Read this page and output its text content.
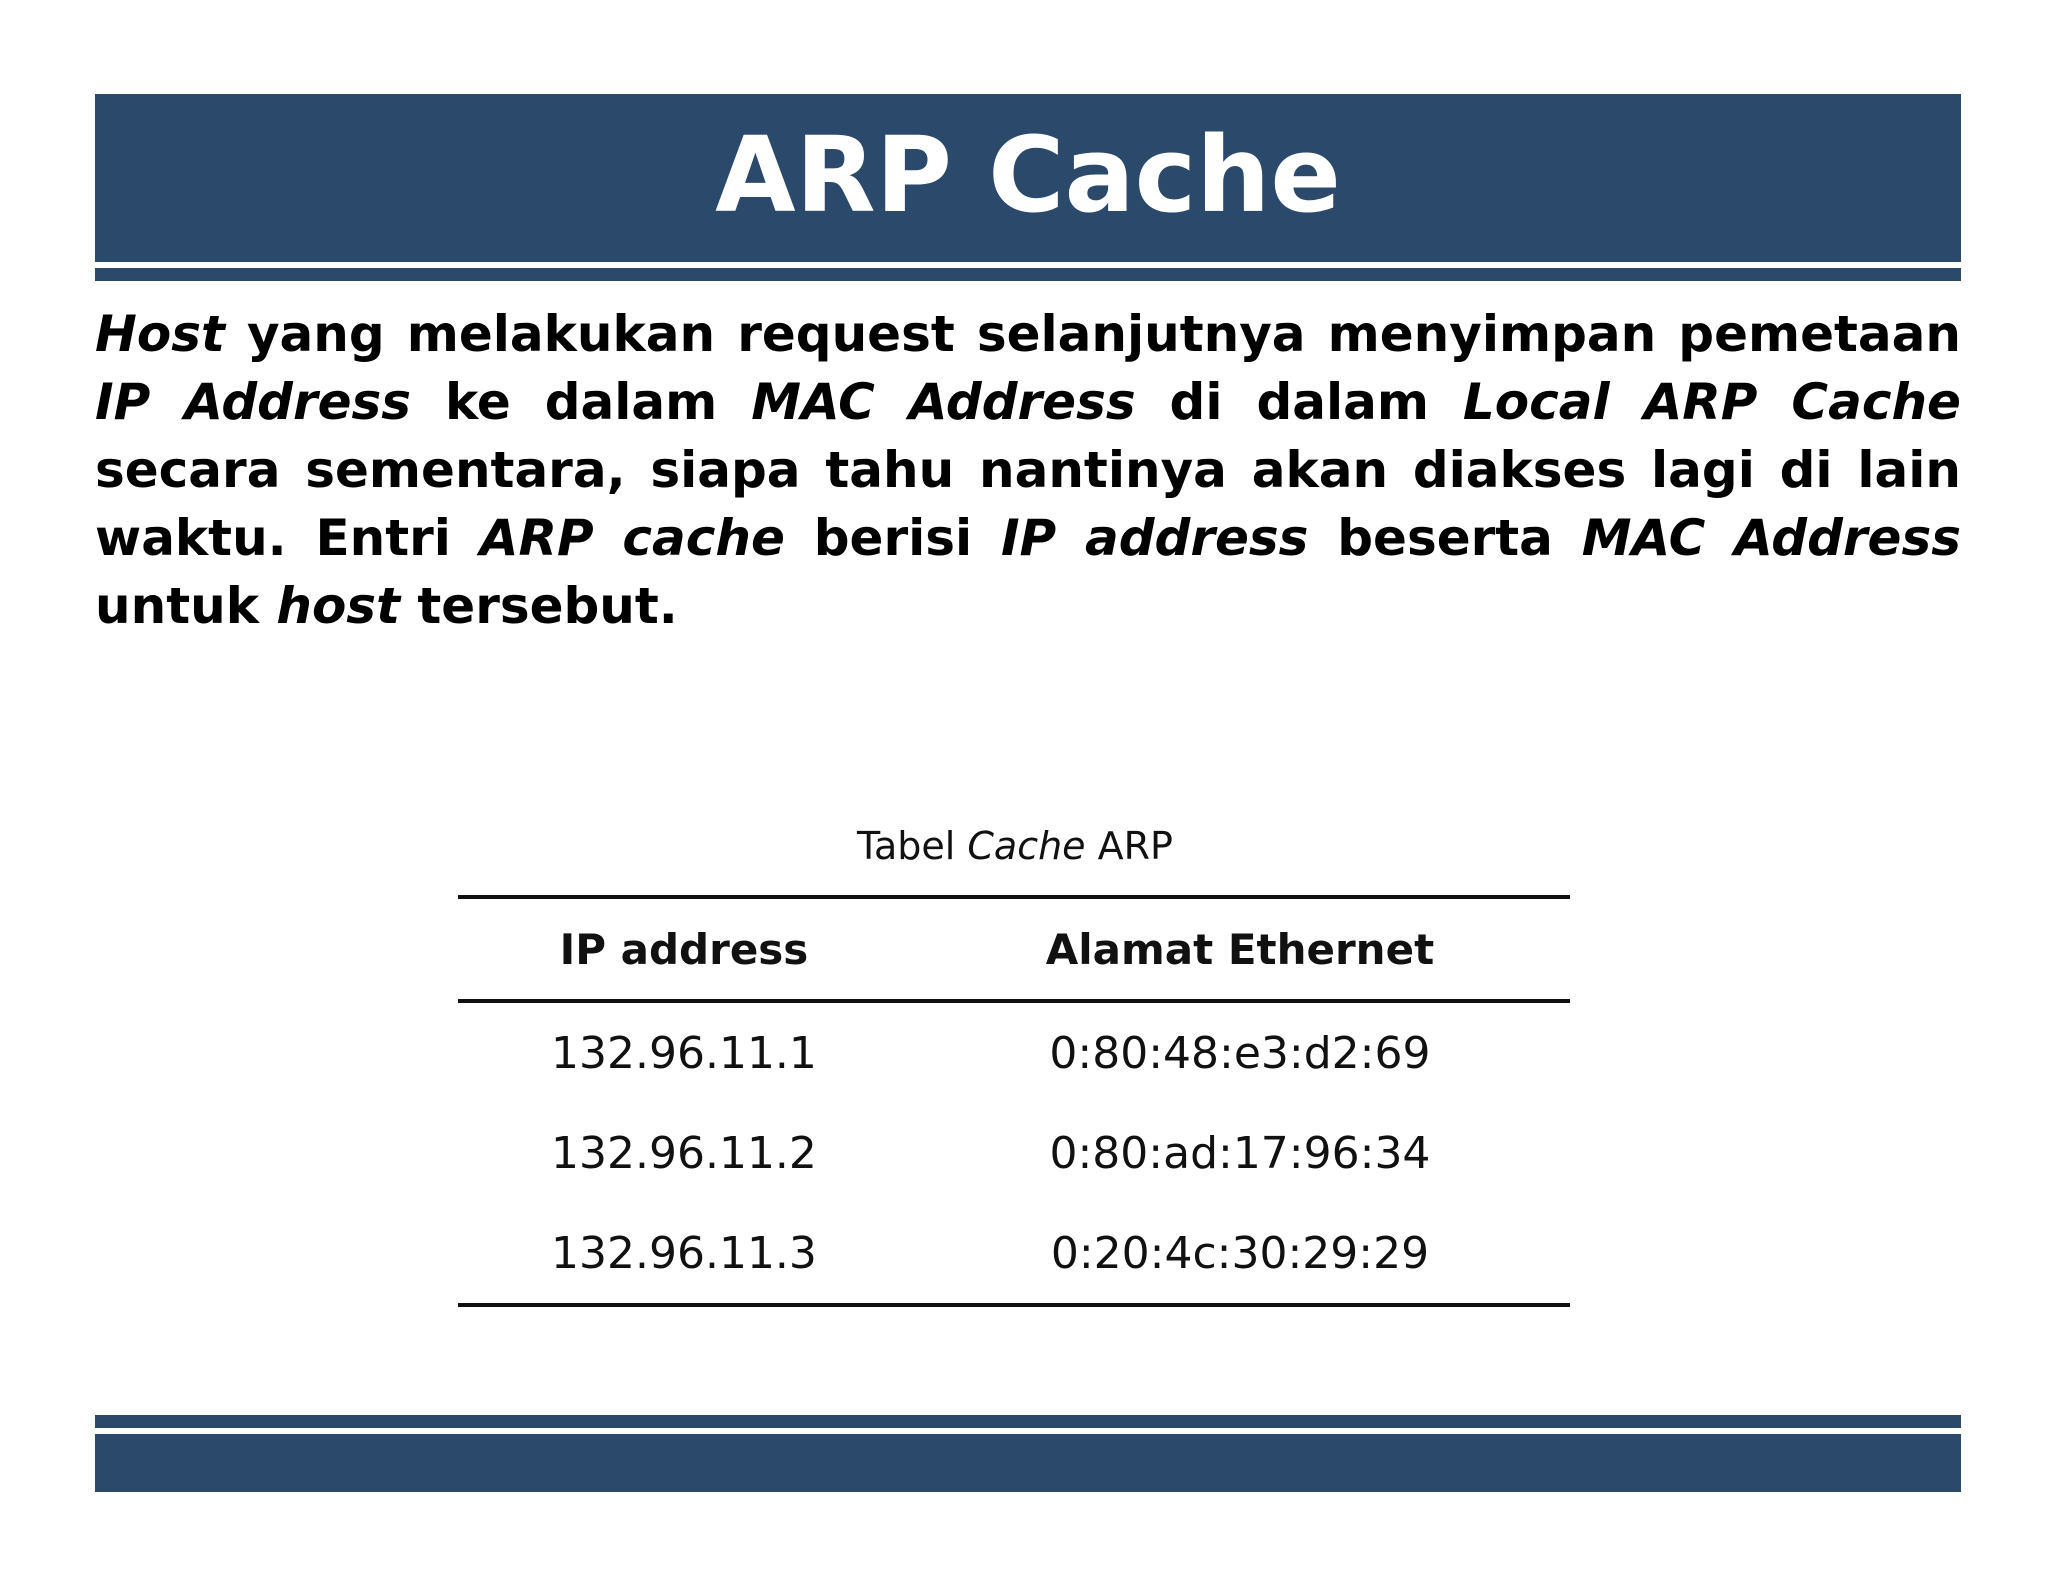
ARP Cache

Host yang melakukan request selanjutnya menyimpan pemetaan IP Address ke dalam MAC Address di dalam Local ARP Cache secara sementara, siapa tahu nantinya akan diakses lagi di lain waktu. Entri ARP cache berisi IP address beserta MAC Address untuk host tersebut.

Tabel Cache ARP
IP address	Alamat Ethernet
132.96.11.1	0:80:48:e3:d2:69
132.96.11.2	0:80:ad:17:96:34
132.96.11.3	0:20:4c:30:29:29
